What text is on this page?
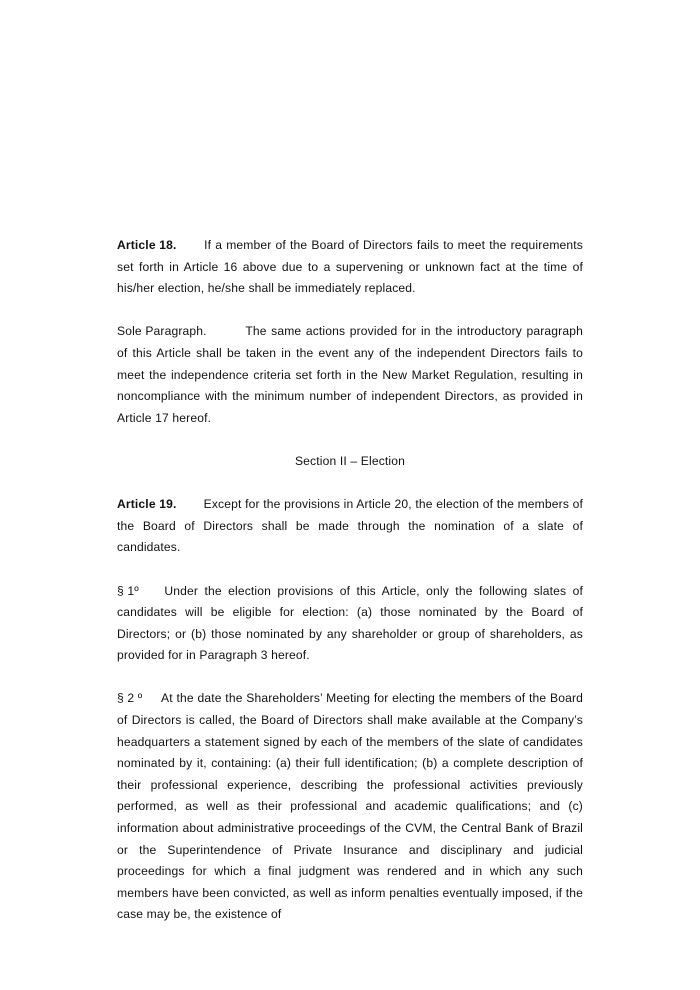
Article 18. If a member of the Board of Directors fails to meet the requirements set forth in Article 16 above due to a supervening or unknown fact at the time of his/her election, he/she shall be immediately replaced.

Sole Paragraph.	The same actions provided for in the introductory paragraph of this Article shall be taken in the event any of the independent Directors fails to meet the independence criteria set forth in the New Market Regulation, resulting in noncompliance with the minimum number of independent Directors, as provided in Article 17 hereof.

Section II – Election

Article 19. Except for the provisions in Article 20, the election of the members of the Board of Directors shall be made through the nomination of a slate of candidates.

§ 1º Under the election provisions of this Article, only the following slates of candidates will be eligible for election: (a) those nominated by the Board of Directors; or (b) those nominated by any shareholder or group of shareholders, as provided for in Paragraph 3 hereof.

§ 2 º At the date the Shareholders’ Meeting for electing the members of the Board of Directors is called, the Board of Directors shall make available at the Company’s headquarters a statement signed by each of the members of the slate of candidates nominated by it, containing: (a) their full identification; (b) a complete description of their professional experience, describing the professional activities previously performed, as well as their professional and academic qualifications; and (c) information about administrative proceedings of the CVM, the Central Bank of Brazil or the Superintendence of Private Insurance and disciplinary and judicial proceedings for which a final judgment was rendered and in which any such members have been convicted, as well as inform penalties eventually imposed, if the case may be, the existence of
